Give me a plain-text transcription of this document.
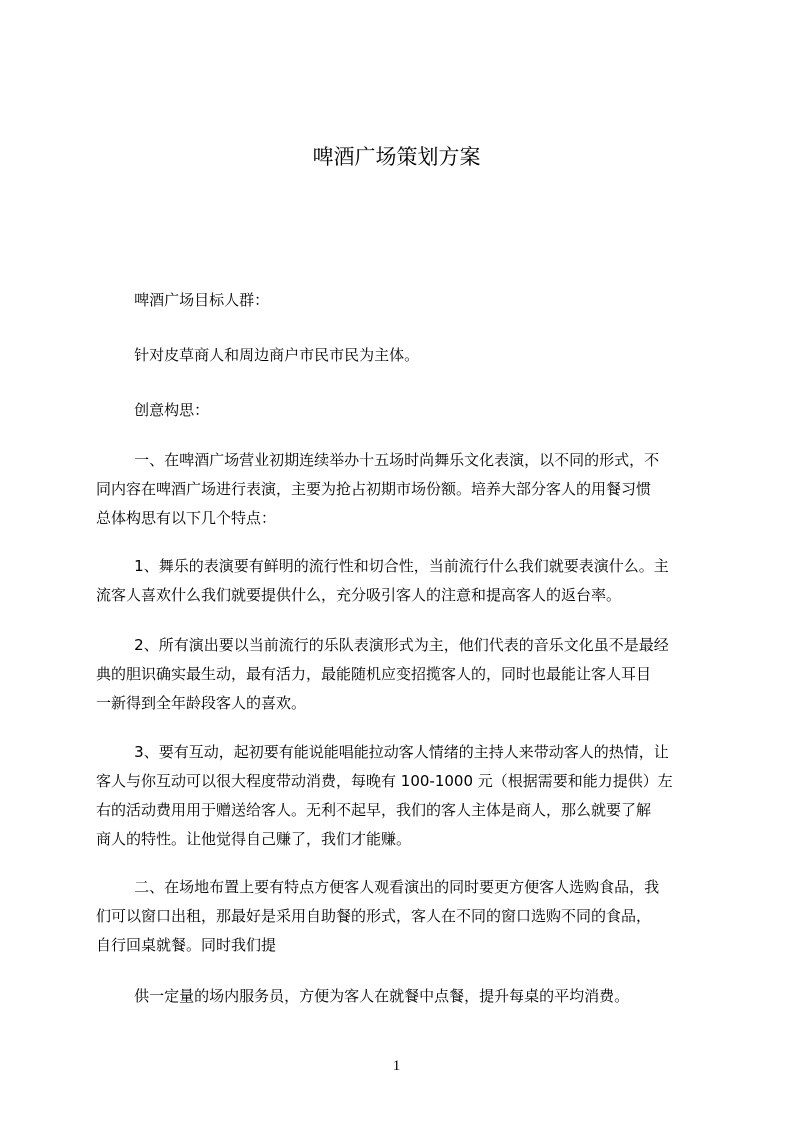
啤酒广场策划方案

啤酒广场目标人群：

针对皮草商人和周边商户市民市民为主体。

创意构思：

一、在啤酒广场营业初期连续举办十五场时尚舞乐文化表演，以不同的形式，不
同内容在啤酒广场进行表演，主要为抢占初期市场份额。培养大部分客人的用餐习惯
总体构思有以下几个特点：

1、舞乐的表演要有鲜明的流行性和切合性，当前流行什么我们就要表演什么。主
流客人喜欢什么我们就要提供什么，充分吸引客人的注意和提高客人的返台率。

2、所有演出要以当前流行的乐队表演形式为主，他们代表的音乐文化虽不是最经
典的胆识确实最生动，最有活力，最能随机应变招揽客人的，同时也最能让客人耳目
一新得到全年龄段客人的喜欢。

3、要有互动，起初要有能说能唱能拉动客人情绪的主持人来带动客人的热情，让
客人与你互动可以很大程度带动消费，每晚有 100-1000 元（根据需要和能力提供）左
右的活动费用用于赠送给客人。无利不起早，我们的客人主体是商人，那么就要了解
商人的特性。让他觉得自己赚了，我们才能赚。

二、在场地布置上要有特点方便客人观看演出的同时要更方便客人选购食品，我
们可以窗口出租，那最好是采用自助餐的形式，客人在不同的窗口选购不同的食品，
自行回桌就餐。同时我们提

供一定量的场内服务员，方便为客人在就餐中点餐，提升每桌的平均消费。

1
